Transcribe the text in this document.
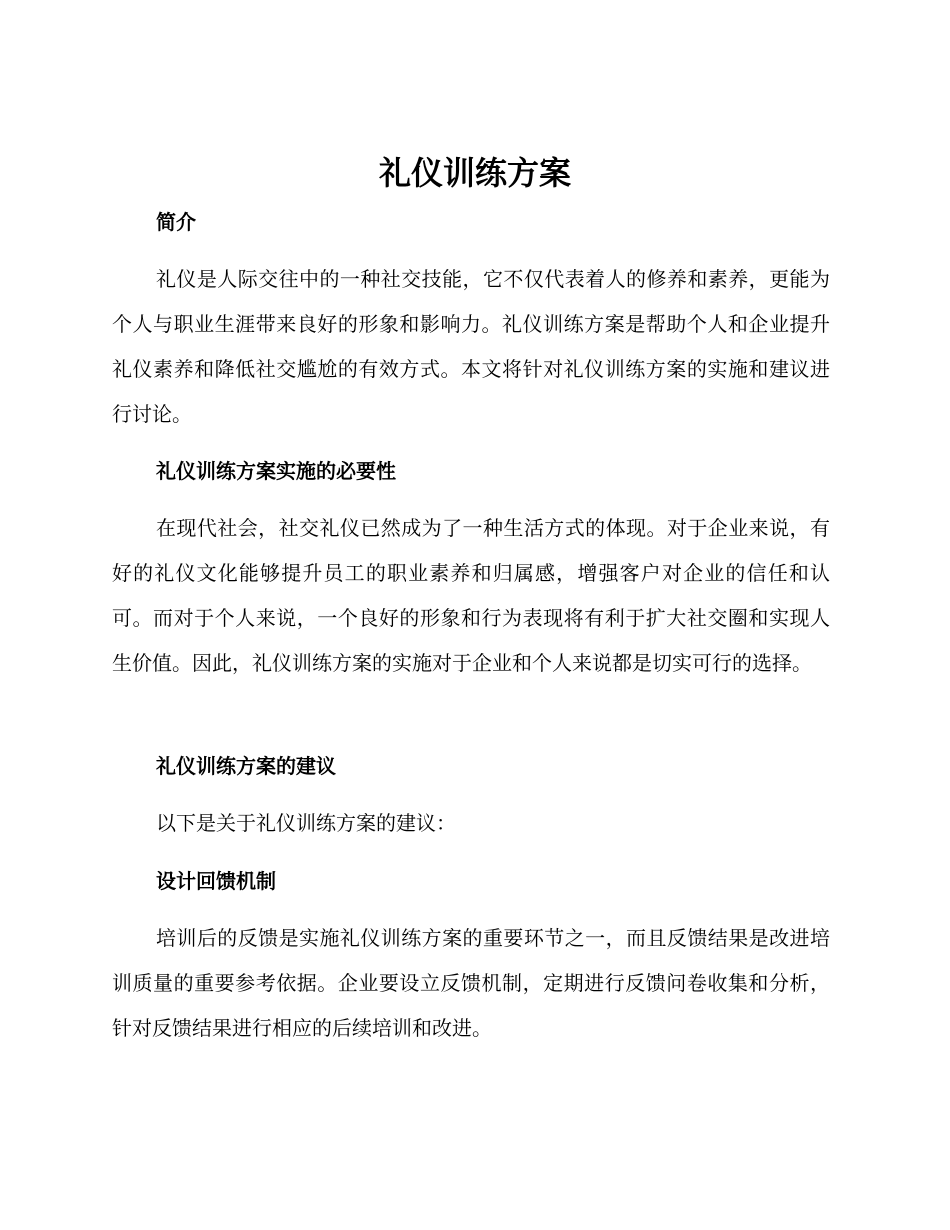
礼仪训练方案
简介
礼仪是人际交往中的一种社交技能，它不仅代表着人的修养和素养，更能为个人与职业生涯带来良好的形象和影响力。礼仪训练方案是帮助个人和企业提升礼仪素养和降低社交尴尬的有效方式。本文将针对礼仪训练方案的实施和建议进行讨论。
礼仪训练方案实施的必要性
在现代社会，社交礼仪已然成为了一种生活方式的体现。对于企业来说，有好的礼仪文化能够提升员工的职业素养和归属感，增强客户对企业的信任和认可。而对于个人来说，一个良好的形象和行为表现将有利于扩大社交圈和实现人生价值。因此，礼仪训练方案的实施对于企业和个人来说都是切实可行的选择。
礼仪训练方案的建议
以下是关于礼仪训练方案的建议：
设计回馈机制
培训后的反馈是实施礼仪训练方案的重要环节之一，而且反馈结果是改进培训质量的重要参考依据。企业要设立反馈机制，定期进行反馈问卷收集和分析，针对反馈结果进行相应的后续培训和改进。
